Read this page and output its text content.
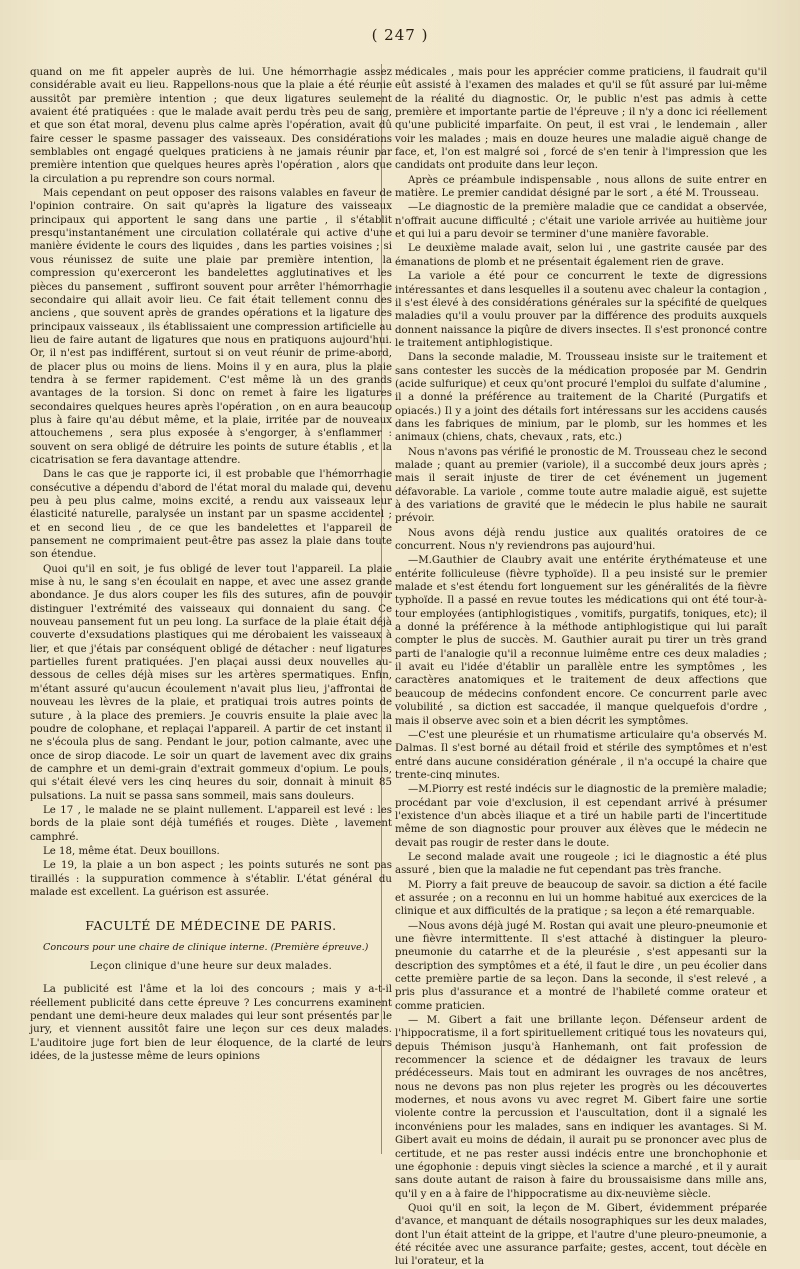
( 247 )

quand on me fit appeler auprès de lui. Une hémorrhagie assez considérable avait eu lieu. Rappellons-nous que la plaie a été réunie aussitôt par première intention ; que deux ligatures seulement avaient été pratiquées : que le malade avait perdu très peu de sang, et que son état moral, devenu plus calme après l'opération, avait dû faire cesser le spasme passager des vaisseaux. Des considérations semblables ont engagé quelques praticiens à ne jamais réunir par première intention que quelques heures après l'opération , alors que la circulation a pu reprendre son cours normal.

Mais cependant on peut opposer des raisons valables en faveur de l'opinion contraire. On sait qu'après la ligature des vaisseaux principaux qui apportent le sang dans une partie , il s'établit presqu'instantanément une circulation collatérale qui active d'une manière évidente le cours des liquides , dans les parties voisines ; si vous réunissez de suite une plaie par première intention, la compression qu'exerceront les bandelettes agglutinatives et les pièces du pansement , suffiront souvent pour arrêter l'hémorrhagie secondaire qui allait avoir lieu. Ce fait était tellement connu des anciens , que souvent après de grandes opérations et la ligature des principaux vaisseaux , ils établissaient une compression artificielle au lieu de faire autant de ligatures que nous en pratiquons aujourd'hui. Or, il n'est pas indifférent, surtout si on veut réunir de prime-abord, de placer plus ou moins de liens. Moins il y en aura, plus la plaie tendra à se fermer rapidement. C'est même là un des grands avantages de la torsion. Si donc on remet à faire les ligatures secondaires quelques heures après l'opération , on en aura beaucoup plus à faire qu'au début même, et la plaie, irritée par de nouveaux attouchemens , sera plus exposée à s'engorger, à s'enflammer : souvent on sera obligé de détruire les points de suture établis , et la cicatrisation se fera davantage attendre.

Dans le cas que je rapporte ici, il est probable que l'hémorrhagie consécutive a dépendu d'abord de l'état moral du malade qui, devenu peu à peu plus calme, moins excité, a rendu aux vaisseaux leur élasticité naturelle, paralysée un instant par un spasme accidentel ; et en second lieu , de ce que les bandelettes et l'appareil de pansement ne comprimaient peut-être pas assez la plaie dans toute son étendue.

Quoi qu'il en soit, je fus obligé de lever tout l'appareil. La plaie mise à nu, le sang s'en écoulait en nappe, et avec une assez grande abondance. Je dus alors couper les fils des sutures, afin de pouvoir distinguer l'extrémité des vaisseaux qui donnaient du sang. Ce nouveau pansement fut un peu long. La surface de la plaie était déjà couverte d'exsudations plastiques qui me dérobaient les vaisseaux à lier, et que j'étais par conséquent obligé de détacher : neuf ligatures partielles furent pratiquées. J'en plaçai aussi deux nouvelles au-dessous de celles déjà mises sur les artères spermatiques. Enfin, m'étant assuré qu'aucun écoulement n'avait plus lieu, j'affrontai de nouveau les lèvres de la plaie, et pratiquai trois autres points de suture , à la place des premiers. Je couvris ensuite la plaie avec la poudre de colophane, et replaçai l'appareil. A partir de cet instant il ne s'écoula plus de sang. Pendant le jour, potion calmante, avec une once de sirop diacode. Le soir un quart de lavement avec dix grains de camphre et un demi-grain d'extrait gommeux d'opium. Le pouls, qui s'était élevé vers les cinq heures du soir, donnait à minuit 85 pulsations. La nuit se passa sans sommeil, mais sans douleurs.

Le 17 , le malade ne se plaint nullement. L'appareil est levé : les bords de la plaie sont déjà tuméfiés et rouges. Diète , lavement camphré.

Le 18, même état. Deux bouillons.

Le 19, la plaie a un bon aspect ; les points suturés ne sont pas tiraillés : la suppuration commence à s'établir. L'état général du malade est excellent. La guérison est assurée.

FACULTÉ DE MÉDECINE DE PARIS.

Concours pour une chaire de clinique interne. (Première épreuve.)

Leçon clinique d'une heure sur deux malades.

La publicité est l'âme et la loi des concours ; mais y a-t-il réellement publicité dans cette épreuve ? Les concurrens examinent pendant une demi-heure deux malades qui leur sont présentés par le jury, et viennent aussitôt faire une leçon sur ces deux malades. L'auditoire juge fort bien de leur éloquence, de la clarté de leurs idées, de la justesse même de leurs opinions

médicales , mais pour les apprécier comme praticiens, il faudrait qu'il eût assisté à l'examen des malades et qu'il se fût assuré par lui-même de la réalité du diagnostic. Or, le public n'est pas admis à cette première et importante partie de l'épreuve ; il n'y a donc ici réellement qu'une publicité imparfaite. On peut, il est vrai , le lendemain , aller voir les malades ; mais en douze heures une maladie aiguë change de face, et, l'on est malgré soi , forcé de s'en tenir à l'impression que les candidats ont produite dans leur leçon.

Après ce préambule indispensable , nous allons de suite entrer en matière. Le premier candidat désigné par le sort , a été M. Trousseau.

—Le diagnostic de la première maladie que ce candidat a observée, n'offrait aucune difficulté ; c'était une variole arrivée au huitième jour et qui lui a paru devoir se terminer d'une manière favorable.

Le deuxième malade avait, selon lui , une gastrite causée par des émanations de plomb et ne présentait également rien de grave.

La variole a été pour ce concurrent le texte de digressions intéressantes et dans lesquelles il a soutenu avec chaleur la contagion , il s'est élevé à des considérations générales sur la spécifité de quelques maladies qu'il a voulu prouver par la différence des produits auxquels donnent naissance la piqûre de divers insectes. Il s'est prononcé contre le traitement antiphlogistique.

Dans la seconde maladie, M. Trousseau insiste sur le traitement et sans contester les succès de la médication proposée par M. Gendrin (acide sulfurique) et ceux qu'ont procuré l'emploi du sulfate d'alumine , il a donné la préférence au traitement de la Charité (Purgatifs et opiacés.) Il y a joint des détails fort intéressans sur les accidens causés dans les fabriques de minium, par le plomb, sur les hommes et les animaux (chiens, chats, chevaux , rats, etc.)

Nous n'avons pas vérifié le pronostic de M. Trousseau chez le second malade ; quant au premier (variole), il a succombé deux jours après ; mais il serait injuste de tirer de cet événement un jugement défavorable. La variole , comme toute autre maladie aiguë, est sujette à des variations de gravité que le médecin le plus habile ne saurait prévoir.

Nous avons déjà rendu justice aux qualités oratoires de ce concurrent. Nous n'y reviendrons pas aujourd'hui.

—M.Gauthier de Claubry avait une entérite érythémateuse et une entérite folliculeuse (fièvre typhoïde). Il a peu insisté sur le premier malade et s'est étendu fort longuement sur les généralités de la fièvre typhoïde. Il a passé en revue toutes les médications qui ont été tour-à-tour employées (antiphlogistiques , vomitifs, purgatifs, toniques, etc); il a donné la préférence à la méthode antiphlogistique qui lui paraît compter le plus de succès. M. Gauthier aurait pu tirer un très grand parti de l'analogie qu'il a reconnue luimême entre ces deux maladies ; il avait eu l'idée d'établir un parallèle entre les symptômes , les caractères anatomiques et le traitement de deux affections que beaucoup de médecins confondent encore. Ce concurrent parle avec volubilité , sa diction est saccadée, il manque quelquefois d'ordre , mais il observe avec soin et a bien décrit les symptômes.

—C'est une pleurésie et un rhumatisme articulaire qu'a observés M. Dalmas. Il s'est borné au détail froid et stérile des symptômes et n'est entré dans aucune considération générale , il n'a occupé la chaire que trente-cinq minutes.

—M.Piorry est resté indécis sur le diagnostic de la première maladie; procédant par voie d'exclusion, il est cependant arrivé à présumer l'existence d'un abcès iliaque et a tiré un habile parti de l'incertitude même de son diagnostic pour prouver aux élèves que le médecin ne devait pas rougir de rester dans le doute.

Le second malade avait une rougeole ; ici le diagnostic a été plus assuré , bien que la maladie ne fut cependant pas très franche.

M. Piorry a fait preuve de beaucoup de savoir. sa diction a été facile et assurée ; on a reconnu en lui un homme habitué aux exercices de la clinique et aux difficultés de la pratique ; sa leçon a été remarquable.

—Nous avons déjà jugé M. Rostan qui avait une pleuro-pneumonie et une fièvre intermittente. Il s'est attaché à distinguer la pleuro-pneumonie du catarrhe et de la pleurésie , s'est appesanti sur la description des symptômes et a été, il faut le dire , un peu écolier dans cette première partie de sa leçon. Dans la seconde, il s'est relevé , a pris plus d'assurance et a montré de l'habileté comme orateur et comme praticien.

— M. Gibert a fait une brillante leçon. Défenseur ardent de l'hippocratisme, il a fort spirituellement critiqué tous les novateurs qui, depuis Thémison jusqu'à Hanhemanh, ont fait profession de recommencer la science et de dédaigner les travaux de leurs prédécesseurs. Mais tout en admirant les ouvrages de nos ancêtres, nous ne devons pas non plus rejeter les progrès ou les découvertes modernes, et nous avons vu avec regret M. Gibert faire une sortie violente contre la percussion et l'auscultation, dont il a signalé les inconvéniens pour les malades, sans en indiquer les avantages. Si M. Gibert avait eu moins de dédain, il aurait pu se prononcer avec plus de certitude, et ne pas rester aussi indécis entre une bronchophonie et une égophonie : depuis vingt siècles la science a marché , et il y aurait sans doute autant de raison à faire du broussaisisme dans mille ans, qu'il y en a à faire de l'hippocratisme au dix-neuvième siècle.

Quoi qu'il en soit, la leçon de M. Gibert, évidemment préparée d'avance, et manquant de détails nosographiques sur les deux malades, dont l'un était atteint de la grippe, et l'autre d'une pleuro-pneumonie, a été récitée avec une assurance parfaite; gestes, accent, tout décèle en lui l'orateur, et la
